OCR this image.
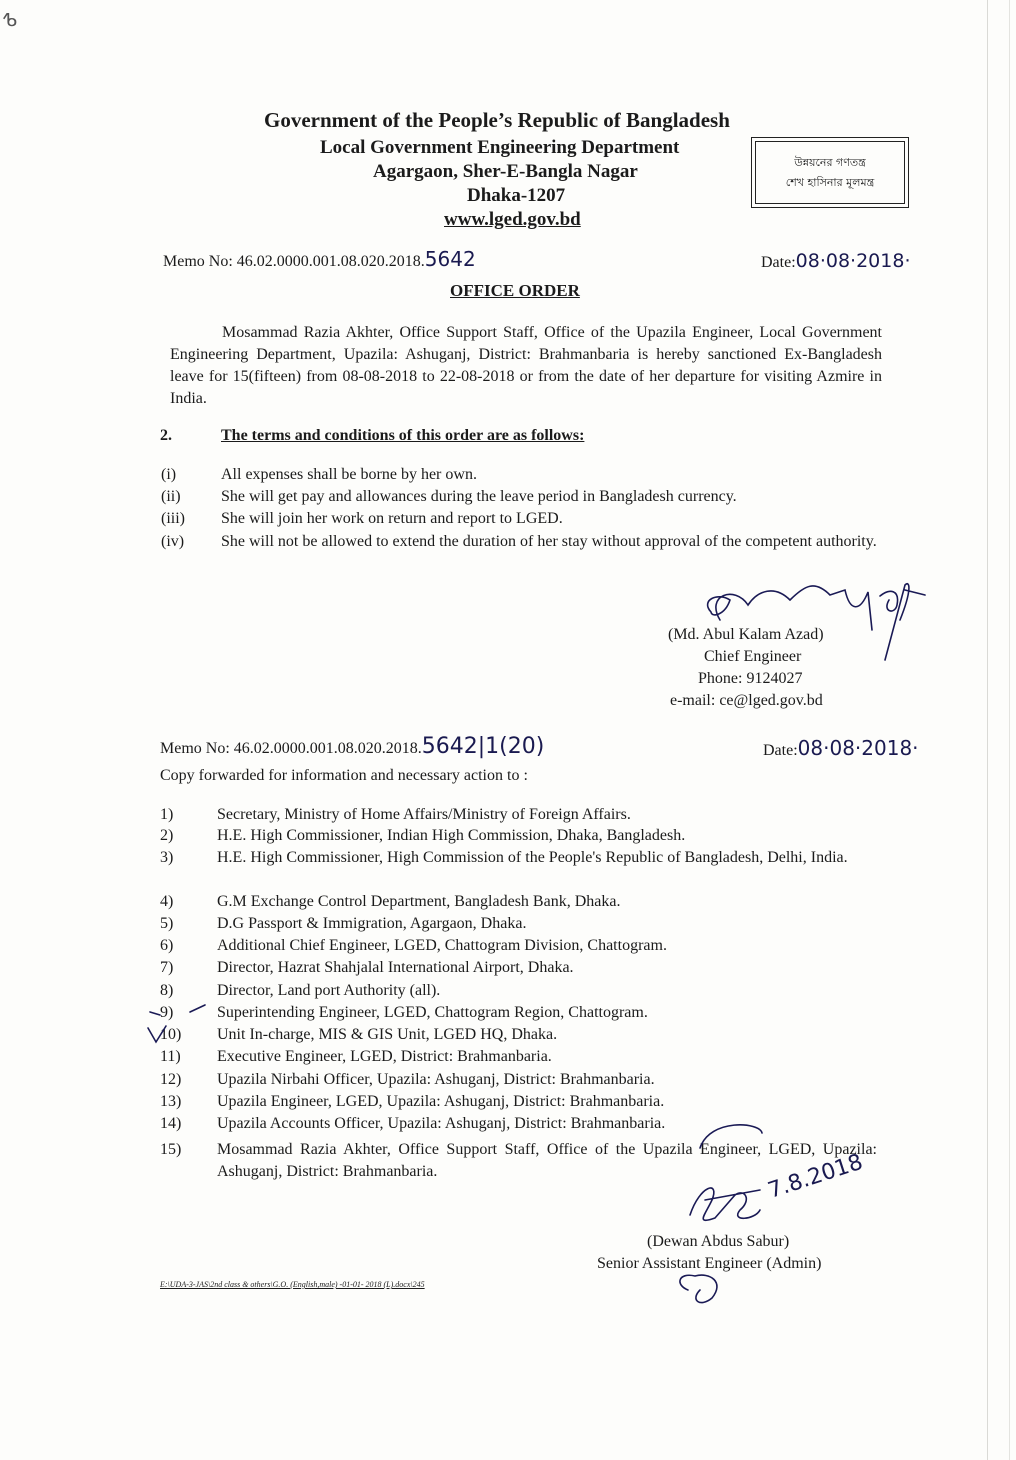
ᕹ
Government of the People’s Republic of Bangladesh
Local Government Engineering Department
Agargaon, Sher-E-Bangla Nagar
Dhaka-1207
www.lged.gov.bd
উন্নয়নের গণতন্ত্র
শেখ হাসিনার মূলমন্ত্র
Memo No: 46.02.0000.001.08.020.2018.5642	Date:08·08·2018·
OFFICE ORDER
Mosammad Razia Akhter, Office Support Staff, Office of the Upazila Engineer, Local Government Engineering Department, Upazila: Ashuganj, District: Brahmanbaria is hereby sanctioned Ex-Bangladesh leave for 15(fifteen) from 08-08-2018 to 22-08-2018 or from the date of her departure for visiting Azmire in India.
2.	The terms and conditions of this order are as follows:
(i)	All expenses shall be borne by her own.
(ii)	She will get pay and allowances during the leave period in Bangladesh currency.
(iii) She will join her work on return and report to LGED.
(iv) She will not be allowed to extend the duration of her stay without approval of the competent authority.
(Md. Abul Kalam Azad)
Chief Engineer
Phone: 9124027
e-mail: ce@lged.gov.bd
Memo No: 46.02.0000.001.08.020.2018.5642|1(20)	Date:08·08·2018·
Copy forwarded for information and necessary action to :
1)	Secretary, Ministry of Home Affairs/Ministry of Foreign Affairs.
2)	H.E. High Commissioner, Indian High Commission, Dhaka, Bangladesh.
3)	H.E. High Commissioner, High Commission of the People's Republic of Bangladesh, Delhi, India.
4)	G.M Exchange Control Department, Bangladesh Bank, Dhaka.
5)	D.G Passport & Immigration, Agargaon, Dhaka.
6)	Additional Chief Engineer, LGED, Chattogram Division, Chattogram.
7)	Director, Hazrat Shahjalal International Airport, Dhaka.
8)	Director, Land port Authority (all).
9)	Superintending Engineer, LGED, Chattogram Region, Chattogram.
10)	Unit In-charge, MIS & GIS Unit, LGED HQ, Dhaka.
11)	Executive Engineer, LGED, District: Brahmanbaria.
12)	Upazila Nirbahi Officer, Upazila: Ashuganj, District: Brahmanbaria.
13)	Upazila Engineer, LGED, Upazila: Ashuganj, District: Brahmanbaria.
14)	Upazila Accounts Officer, Upazila: Ashuganj, District: Brahmanbaria.
15)	Mosammad Razia Akhter, Office Support Staff, Office of the Upazila Engineer, LGED, Upazila: Ashuganj, District: Brahmanbaria.	7.8.2018
(Dewan Abdus Sabur)
Senior Assistant Engineer (Admin)
E:\UDA-3-JAS\2nd class & others\G.O. (English,male) -01-01- 2018 (L).docx\245
